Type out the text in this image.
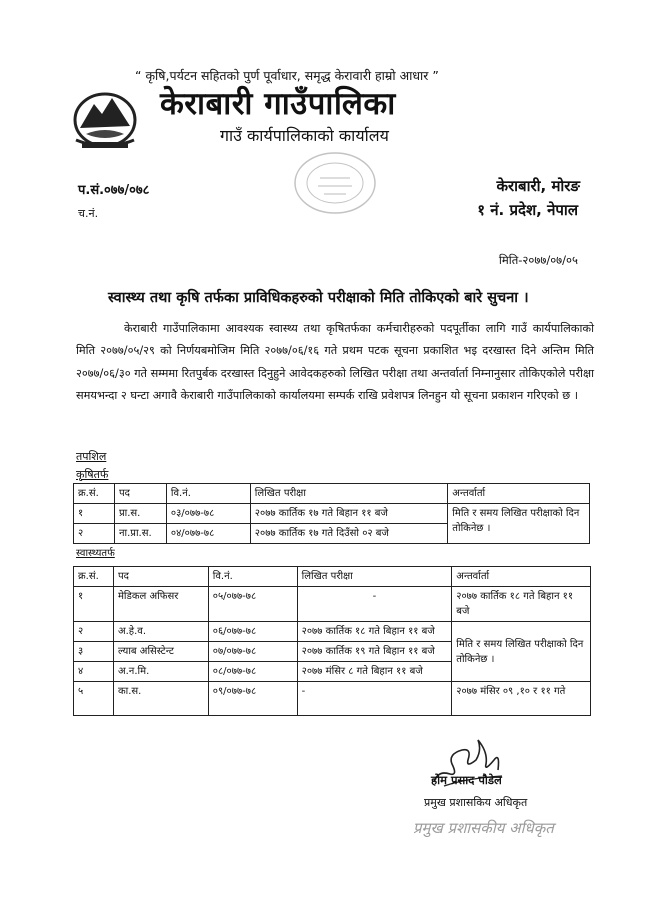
“ कृषि,पर्यटन सहितको पुर्ण पूर्वाधार, समृद्ध केरावारी हाम्रो आधार ”
केराबारी गाउँपालिका
गाउँ कार्यपालिकाको कार्यालय
प.सं.०७७/०७८
च.नं.
केराबारी, मोरङ
१ नं. प्रदेश, नेपाल
मिति-२०७७/०७/०५
स्वास्थ्य तथा कृषि तर्फका प्राविधिकहरुको परीक्षाको मिति तोकिएको बारे सुचना ।
केराबारी गाउँपालिकामा आवश्यक स्वास्थ्य तथा कृषितर्फका कर्मचारीहरुको पदपूर्तीका लागि गाउँ कार्यपालिकाको मिति २०७७/०५/२९ को निर्णयबमोजिम मिति २०७७/०६/१६ गते प्रथम पटक सूचना प्रकाशित भइ दरखास्त दिने अन्तिम मिति २०७७/०६/३० गते सम्ममा रितपुर्बक दरखास्त दिनुहुने आवेदकहरुको लिखित परीक्षा तथा अन्तर्वार्ता निम्नानुसार तोकिएकोले परीक्षा समयभन्दा २ घन्टा अगावै केराबारी गाउँपालिकाको कार्यालयमा सम्पर्क राखि प्रवेशपत्र लिनहुन यो सूचना प्रकाशन गरिएको छ ।
तपशिल
कृषितर्फ
क्र.सं.	पद	वि.नं.	लिखित परीक्षा	अन्तर्वार्ता
१	प्रा.स.	०३/०७७-७८	२०७७ कार्तिक १७ गते बिहान ११ बजे	मिति र समय लिखित परीक्षाको दिन तोकिनेछ ।
२	ना.प्रा.स.	०४/०७७-७८	२०७७ कार्तिक १७ गते दिउँसो ०२ बजे	
स्वास्थ्यतर्फ
क्र.सं.	पद	वि.नं.	लिखित परीक्षा	अन्तर्वार्ता
१	मेडिकल अफिसर	०५/०७७-७८	-	२०७७ कार्तिक १८ गते बिहान ११ बजे
२	अ.हे.व.	०६/०७७-७८	२०७७ कार्तिक १८ गते बिहान ११ बजे	मिति र समय लिखित परीक्षाको दिन तोकिनेछ ।
३	ल्याब असिस्टेन्ट	०७/०७७-७८	२०७७ कार्तिक १९ गते बिहान ११ बजे	
४	अ.न.मि.	०८/०७७-७८	२०७७ मंसिर ८ गते बिहान ११ बजे	
५	का.स.	०९/०७७-७८	-	२०७७ मंसिर ०९ ,१० र ११ गते
होम प्रसाद पौडेल
प्रमुख प्रशासकिय अधिकृत
प्रमुख प्रशासकीय अधिकृत
